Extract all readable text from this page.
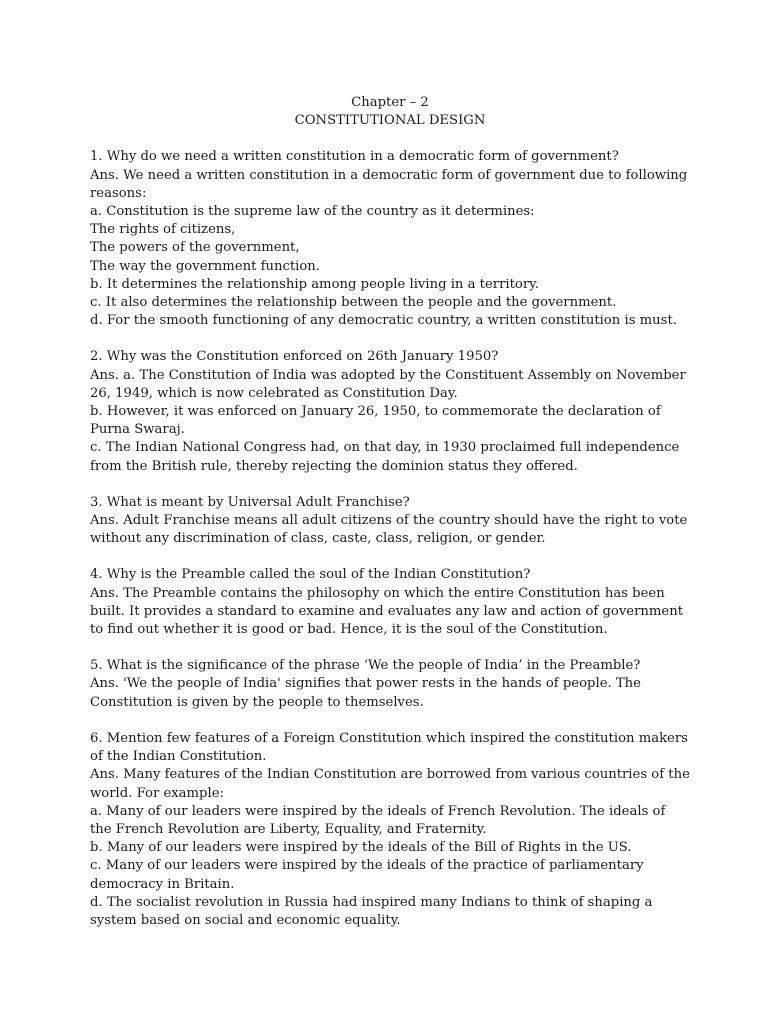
Chapter – 2
CONSTITUTIONAL DESIGN
1. Why do we need a written constitution in a democratic form of government?
Ans. We need a written constitution in a democratic form of government due to following reasons:
a. Constitution is the supreme law of the country as it determines:
The rights of citizens,
The powers of the government,
The way the government function.
b. It determines the relationship among people living in a territory.
c. It also determines the relationship between the people and the government.
d. For the smooth functioning of any democratic country, a written constitution is must.
2. Why was the Constitution enforced on 26th January 1950?
Ans. a. The Constitution of India was adopted by the Constituent Assembly on November 26, 1949, which is now celebrated as Constitution Day.
b. However, it was enforced on January 26, 1950, to commemorate the declaration of Purna Swaraj.
c. The Indian National Congress had, on that day, in 1930 proclaimed full independence from the British rule, thereby rejecting the dominion status they offered.
3. What is meant by Universal Adult Franchise?
Ans. Adult Franchise means all adult citizens of the country should have the right to vote without any discrimination of class, caste, class, religion, or gender.
4. Why is the Preamble called the soul of the Indian Constitution?
Ans. The Preamble contains the philosophy on which the entire Constitution has been built. It provides a standard to examine and evaluates any law and action of government to find out whether it is good or bad. Hence, it is the soul of the Constitution.
5. What is the significance of the phrase ‘We the people of India’ in the Preamble?
Ans. 'We the people of India' signifies that power rests in the hands of people. The Constitution is given by the people to themselves.
6. Mention few features of a Foreign Constitution which inspired the constitution makers of the Indian Constitution.
Ans. Many features of the Indian Constitution are borrowed from various countries of the world. For example:
a. Many of our leaders were inspired by the ideals of French Revolution. The ideals of the French Revolution are Liberty, Equality, and Fraternity.
b. Many of our leaders were inspired by the ideals of the Bill of Rights in the US.
c. Many of our leaders were inspired by the ideals of the practice of parliamentary democracy in Britain.
d. The socialist revolution in Russia had inspired many Indians to think of shaping a system based on social and economic equality.
